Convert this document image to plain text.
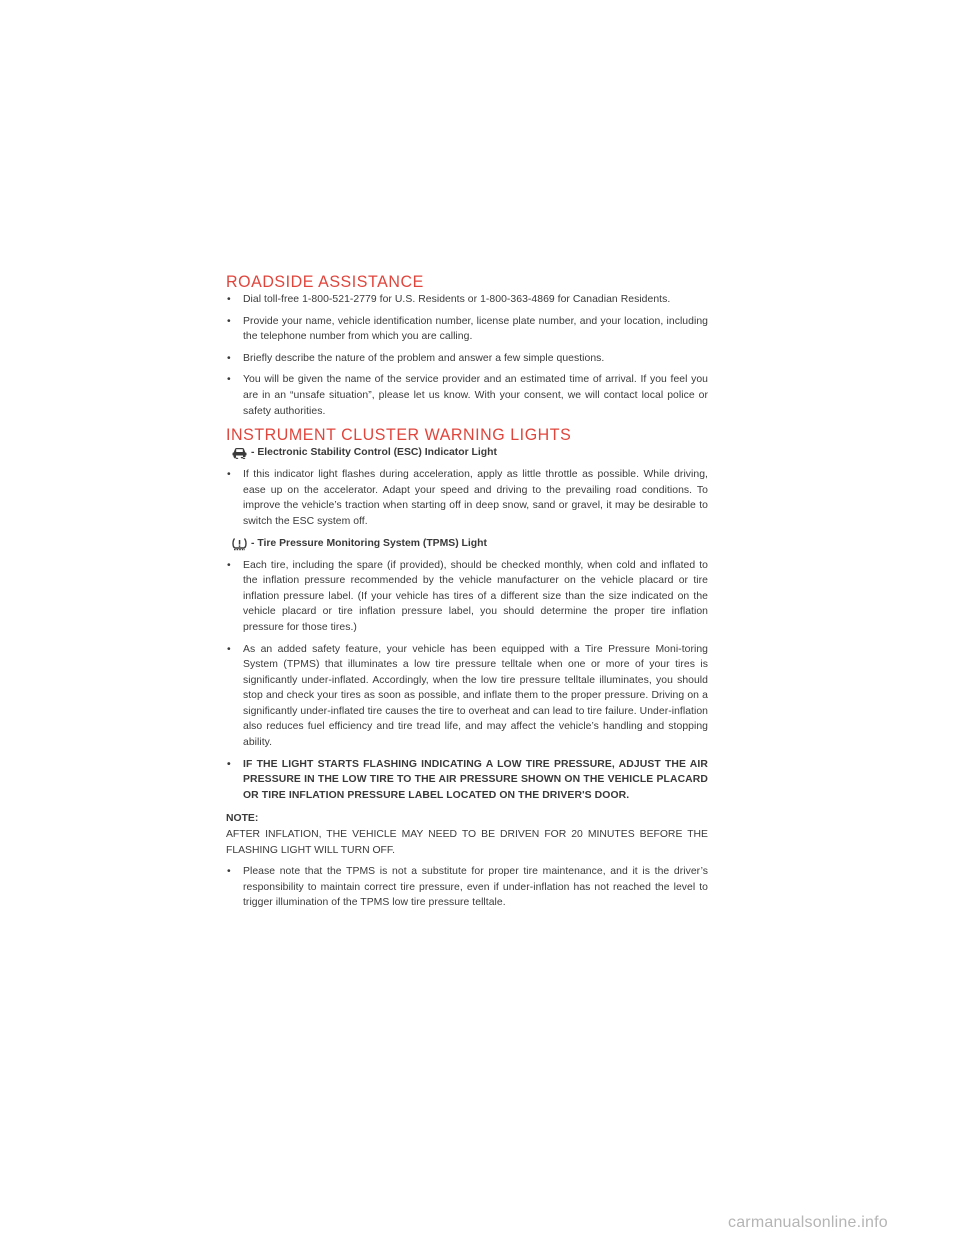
ROADSIDE ASSISTANCE
• Dial toll-free 1-800-521-2779 for U.S. Residents or 1-800-363-4869 for Canadian Residents.
• Provide your name, vehicle identification number, license plate number, and your location, including the telephone number from which you are calling.
• Briefly describe the nature of the problem and answer a few simple questions.
• You will be given the name of the service provider and an estimated time of arrival. If you feel you are in an “unsafe situation”, please let us know. With your consent, we will contact local police or safety authorities.
INSTRUMENT CLUSTER WARNING LIGHTS
- Electronic Stability Control (ESC) Indicator Light
• If this indicator light flashes during acceleration, apply as little throttle as possible. While driving, ease up on the accelerator. Adapt your speed and driving to the prevailing road conditions. To improve the vehicle’s traction when starting off in deep snow, sand or gravel, it may be desirable to switch the ESC system off.
- Tire Pressure Monitoring System (TPMS) Light
• Each tire, including the spare (if provided), should be checked monthly, when cold and inflated to the inflation pressure recommended by the vehicle manufacturer on the vehicle placard or tire inflation pressure label. (If your vehicle has tires of a different size than the size indicated on the vehicle placard or tire inflation pressure label, you should determine the proper tire inflation pressure for those tires.)
• As an added safety feature, your vehicle has been equipped with a Tire Pressure Moni-toring System (TPMS) that illuminates a low tire pressure telltale when one or more of your tires is significantly under-inflated. Accordingly, when the low tire pressure telltale illuminates, you should stop and check your tires as soon as possible, and inflate them to the proper pressure. Driving on a significantly under-inflated tire causes the tire to overheat and can lead to tire failure. Under-inflation also reduces fuel efficiency and tire tread life, and may affect the vehicle’s handling and stopping ability.
• IF THE LIGHT STARTS FLASHING INDICATING A LOW TIRE PRESSURE, ADJUST THE AIR PRESSURE IN THE LOW TIRE TO THE AIR PRESSURE SHOWN ON THE VEHICLE PLACARD OR TIRE INFLATION PRESSURE LABEL LOCATED ON THE DRIVER'S DOOR.
NOTE:
AFTER INFLATION, THE VEHICLE MAY NEED TO BE DRIVEN FOR 20 MINUTES BEFORE THE FLASHING LIGHT WILL TURN OFF.
• Please note that the TPMS is not a substitute for proper tire maintenance, and it is the driver’s responsibility to maintain correct tire pressure, even if under-inflation has not reached the level to trigger illumination of the TPMS low tire pressure telltale.
carmanualsonline.info
